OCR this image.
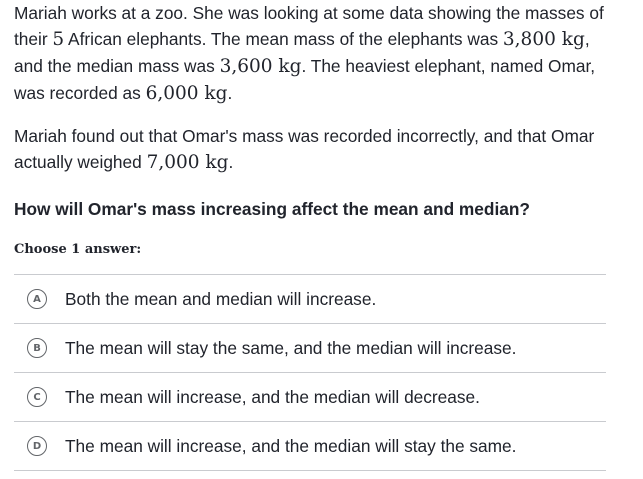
Mariah works at a zoo. She was looking at some data showing the masses of their 5 African elephants. The mean mass of the elephants was 3,800 kg, and the median mass was 3,600 kg. The heaviest elephant, named Omar, was recorded as 6,000 kg.

Mariah found out that Omar's mass was recorded incorrectly, and that Omar actually weighed 7,000 kg.

How will Omar's mass increasing affect the mean and median?
Choose 1 answer:
A	Both the mean and median will increase.
B	The mean will stay the same, and the median will increase.
C	The mean will increase, and the median will decrease.
D	The mean will increase, and the median will stay the same.
